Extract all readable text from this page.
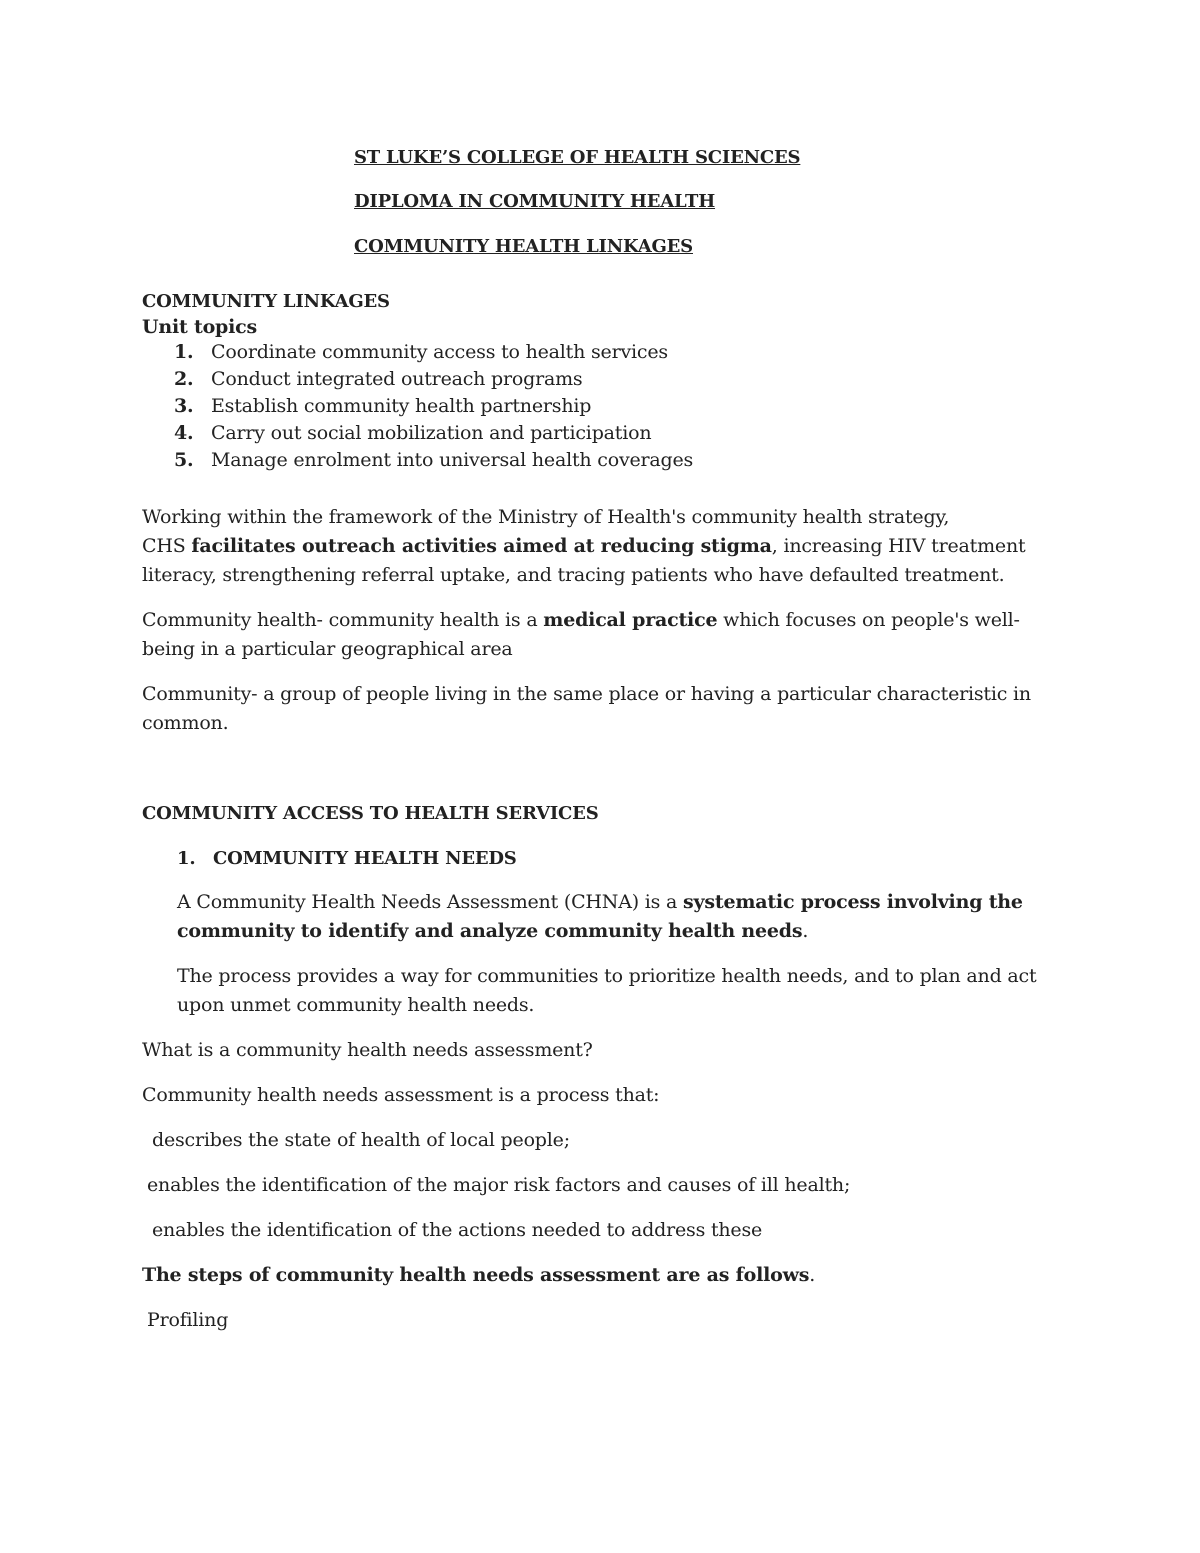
ST LUKE’S COLLEGE OF HEALTH SCIENCES

DIPLOMA IN COMMUNITY HEALTH

COMMUNITY HEALTH LINKAGES

COMMUNITY LINKAGES

Unit topics

1. Coordinate community access to health services
2. Conduct integrated outreach programs
3. Establish community health partnership
4. Carry out social mobilization and participation
5. Manage enrolment into universal health coverages

Working within the framework of the Ministry of Health's community health strategy,

CHS facilitates outreach activities aimed at reducing stigma, increasing HIV treatment

literacy, strengthening referral uptake, and tracing patients who have defaulted treatment.

Community health- community health is a medical practice which focuses on people's well-

being in a particular geographical area

Community- a group of people living in the same place or having a particular characteristic in

common.

COMMUNITY ACCESS TO HEALTH SERVICES

1. COMMUNITY HEALTH NEEDS

A Community Health Needs Assessment (CHNA) is a systematic process involving the

community to identify and analyze community health needs.

The process provides a way for communities to prioritize health needs, and to plan and act

upon unmet community health needs.

What is a community health needs assessment?

Community health needs assessment is a process that:

describes the state of health of local people;

enables the identification of the major risk factors and causes of ill health;

enables the identification of the actions needed to address these

The steps of community health needs assessment are as follows.

Profiling
